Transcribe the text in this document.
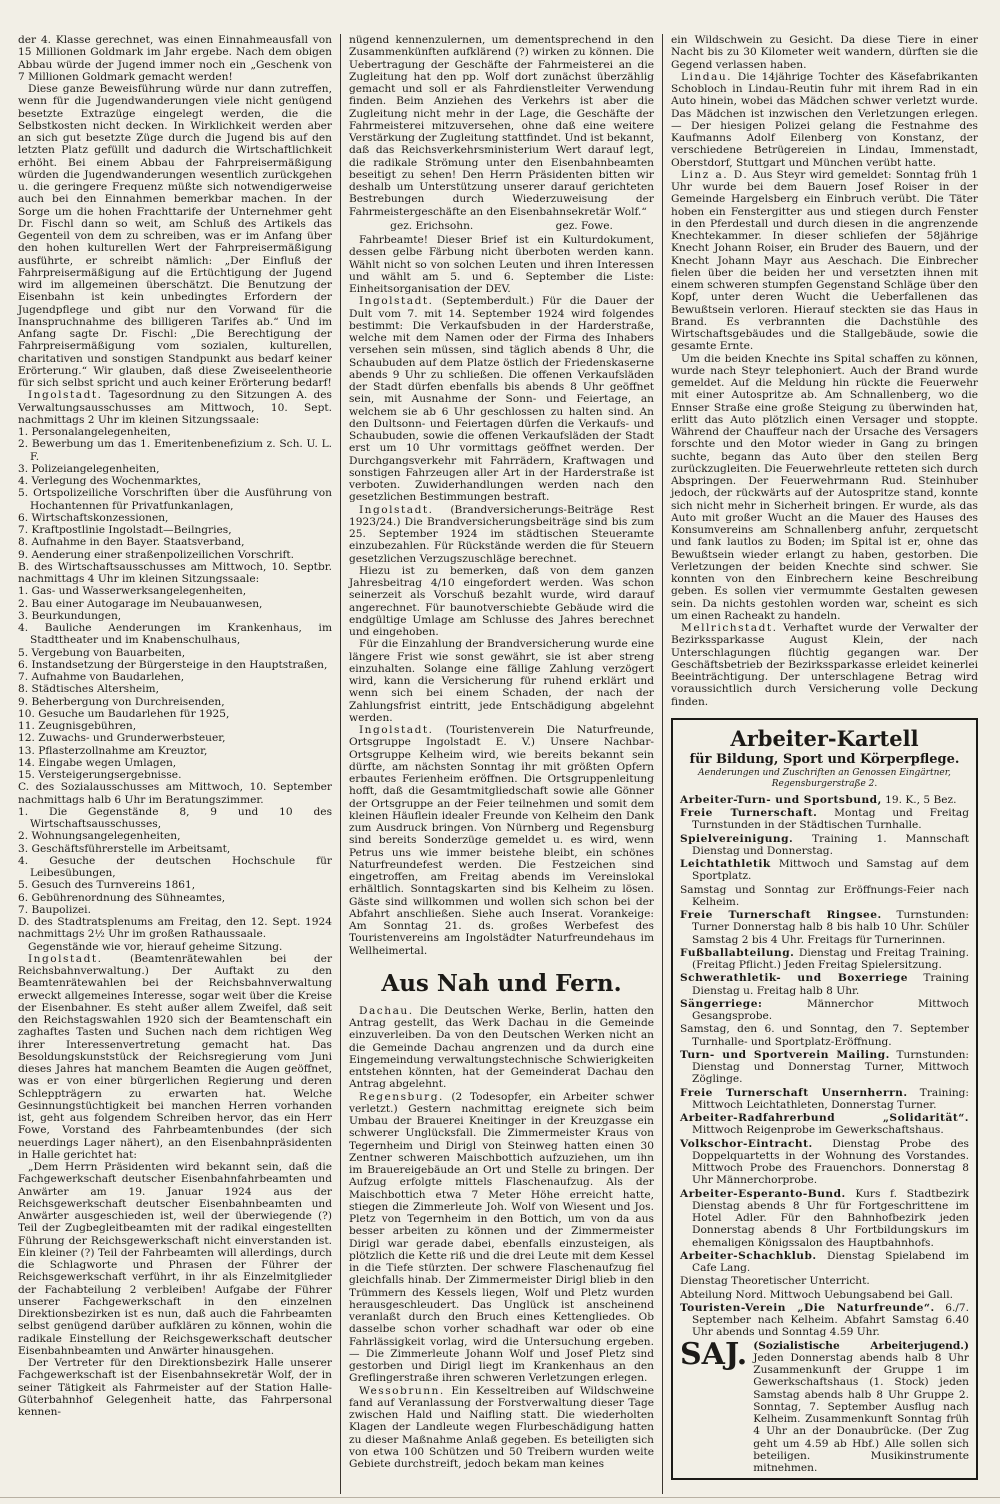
der 4. Klasse gerechnet, was einen Einnahmeausfall von 15 Millionen Goldmark im Jahr ergebe. Nach dem obigen Abbau würde der Jugend immer noch ein „Geschenk von 7 Millionen Goldmark gemacht werden!

Diese ganze Beweisführung würde nur dann zutreffen, wenn für die Jugendwanderungen viele nicht genügend besetzte Extrazüge eingelegt werden, die die Selbstkosten nicht decken. In Wirklichkeit werden aber an sich gut besetzte Züge durch die Jugend bis auf den letzten Platz gefüllt und dadurch die Wirtschaftlichkeit erhöht. Bei einem Abbau der Fahrpreisermäßigung würden die Jugendwanderungen wesentlich zurückgehen u. die geringere Frequenz müßte sich notwendigerweise auch bei den Einnahmen bemerkbar machen. In der Sorge um die hohen Frachttarife der Unternehmer geht Dr. Fischl dann so weit, am Schluß des Artikels das Gegenteil von dem zu schreiben, was er im Anfang über den hohen kulturellen Wert der Fahrpreisermäßigung ausführte, er schreibt nämlich: „Der Einfluß der Fahrpreisermäßigung auf die Ertüchtigung der Jugend wird im allgemeinen überschätzt. Die Benutzung der Eisenbahn ist kein unbedingtes Erfordern der Jugendpflege und gibt nur den Vorwand für die Inanspruchnahme des billigeren Tarifes ab.“ Und im Anfang sagte Dr. Fischl: „Die Berechtigung der Fahrpreisermäßigung vom sozialen, kulturellen, charitativen und sonstigen Standpunkt aus bedarf keiner Erörterung.“ Wir glauben, daß diese Zweiseelentheorie für sich selbst spricht und auch keiner Erörterung bedarf!

Ingolstadt. Tagesordnung zu den Sitzungen A. des Verwaltungsausschusses am Mittwoch, 10. Sept. nachmittags 2 Uhr im kleinen Sitzungssaale:

1. Personalangelegenheiten,
2. Bewerbung um das 1. Emeritenbenefizium z. Sch. U. L. F.
3. Polizeiangelegenheiten,
4. Verlegung des Wochenmarktes,
5. Ortspolizeiliche Vorschriften über die Ausführung von Hochantennen für Privatfunkanlagen,
6. Wirtschaftskonzessionen,
7. Kraftpostlinie Ingolstadt—Beilngries,
8. Aufnahme in den Bayer. Staatsverband,
9. Aenderung einer straßenpolizeilichen Vorschrift.

B. des Wirtschaftsausschusses am Mittwoch, 10. Septbr. nachmittags 4 Uhr im kleinen Sitzungssaale:

1. Gas- und Wasserwerksangelegenheiten,
2. Bau einer Autogarage im Neubauanwesen,
3. Beurkundungen,
4. Bauliche Aenderungen im Krankenhaus, im Stadttheater und im Knabenschulhaus,
5. Vergebung von Bauarbeiten,
6. Instandsetzung der Bürgersteige in den Hauptstraßen,
7. Aufnahme von Baudarlehen,
8. Städtisches Altersheim,
9. Beherbergung von Durchreisenden,
10. Gesuche um Baudarlehen für 1925,
11. Zeugnisgebühren,
12. Zuwachs- und Grunderwerbsteuer,
13. Pflasterzollnahme am Kreuztor,
14. Eingabe wegen Umlagen,
15. Versteigerungsergebnisse.

C. des Sozialausschusses am Mittwoch, 10. September nachmittags halb 6 Uhr im Beratungszimmer.

1. Die Gegenstände 8, 9 und 10 des Wirtschaftsausschusses,
2. Wohnungsangelegenheiten,
3. Geschäftsführerstelle im Arbeitsamt,
4. Gesuche der deutschen Hochschule für Leibesübungen,
5. Gesuch des Turnvereins 1861,
6. Gebührenordnung des Sühneamtes,
7. Baupolizei.

D. des Stadtratsplenums am Freitag, den 12. Sept. 1924 nachmittags 2½ Uhr im großen Rathaussaale.

Gegenstände wie vor, hierauf geheime Sitzung.

Ingolstadt.	(Beamtenrätewahlen bei der Reichsbahnverwaltung.) Der Auftakt zu den Beamtenrätewahlen bei der Reichsbahnverwaltung erweckt allgemeines Interesse, sogar weit über die Kreise der Eisenbahner. Es steht außer allem Zweifel, daß seit den Reichstagswahlen 1920 sich der Beamtenschaft ein zaghaftes Tasten und Suchen nach dem richtigen Weg ihrer Interessenvertretung gemacht hat. Das Besoldungskunststück der Reichsregierung vom Juni dieses Jahres hat manchem Beamten die Augen geöffnet, was er von einer bürgerlichen Regierung und deren Schleppträgern zu erwarten hat. Welche Gesinnungstüchtigkeit bei manchen Herren vorhanden ist, geht aus folgendem Schreiben hervor, das ein Herr Fowe, Vorstand des Fahrbeamtenbundes (der sich neuerdings Lager nähert), an den Eisenbahnpräsidenten in Halle gerichtet hat:

„Dem Herrn Präsidenten wird bekannt sein, daß die Fachgewerkschaft deutscher Eisenbahnfahrbeamten und Anwärter am 19. Januar 1924 aus der Reichsgewerkschaft deutscher Eisenbahnbeamten und Anwärter ausgeschieden ist, weil der überwiegende (?) Teil der Zugbegleitbeamten mit der radikal eingestellten Führung der Reichsgewerkschaft nicht einverstanden ist. Ein kleiner (?) Teil der Fahrbeamten will allerdings, durch die Schlagworte und Phrasen der Führer der Reichsgewerkschaft verführt, in ihr als Einzelmitglieder der Fachabteilung 2 verbleiben! Aufgabe der Führer unserer Fachgewerkschaft in den einzelnen Direktionsbezirken ist es nun, daß auch die Fahrbeamten selbst genügend darüber aufklären zu können, wohin die radikale Einstellung der Reichsgewerkschaft deutscher Eisenbahnbeamten und Anwärter hinausgehen.

Der Vertreter für den Direktionsbezirk Halle unserer Fachgewerkschaft ist der Eisenbahnsekretär Wolf, der in seiner Tätigkeit als Fahrmeister auf der Station Halle-Güterbahnhof Gelegenheit hatte, das Fahrpersonal kennen-

nügend kennenzulernen, um dementsprechend in den Zusammenkünften aufklärend (?) wirken zu können. Die Uebertragung der Geschäfte der Fahrmeisterei an die Zugleitung hat den pp. Wolf dort zunächst überzählig gemacht und soll er als Fahrdienstleiter Verwendung finden. Beim Anziehen des Verkehrs ist aber die Zugleitung nicht mehr in der Lage, die Geschäfte der Fahrmeisterei mitzuversehen, ohne daß eine weitere Verstärkung der Zugleitung stattfindet. Und ist bekannt, daß das Reichsverkehrsministerium Wert darauf legt, die radikale Strömung unter den Eisenbahnbeamten beseitigt zu sehen! Den Herrn Präsidenten bitten wir deshalb um Unterstützung unserer darauf gerichteten Bestrebungen durch Wiederzuweisung der Fahrmeistergeschäfte an den Eisenbahnsekretär Wolf.“

gez. Erichsohn.	gez. Fowe.

Fahrbeamte! Dieser Brief ist ein Kulturdokument, dessen gelbe Färbung nicht überboten werden kann. Wählt nicht so von solchen Leuten und ihren Interessen und wählt am 5. und 6. September die Liste: Einheitsorganisation der DEV.

Ingolstadt. (Septemberdult.) Für die Dauer der Dult vom 7. mit 14. September 1924 wird folgendes bestimmt: Die Verkaufsbuden in der Harderstraße, welche mit dem Namen oder der Firma des Inhabers versehen sein müssen, sind täglich abends 8 Uhr, die Schaubuden auf dem Platze östlich der Friedenskaserne abends 9 Uhr zu schließen. Die offenen Verkaufsläden der Stadt dürfen ebenfalls bis abends 8 Uhr geöffnet sein, mit Ausnahme der Sonn- und Feiertage, an welchem sie ab 6 Uhr geschlossen zu halten sind. An den Dultsonn- und Feiertagen dürfen die Verkaufs- und Schaubuden, sowie die offenen Verkaufsläden der Stadt erst um 10 Uhr vormittags geöffnet werden. Der Durchgangsverkehr mit Fahrrädern, Kraftwagen und sonstigen Fahrzeugen aller Art in der Harderstraße ist verboten. Zuwiderhandlungen werden nach den gesetzlichen Bestimmungen bestraft.

Ingolstadt. (Brandversicherungs-Beiträge Rest 1923/24.) Die Brandversicherungsbeiträge sind bis zum 25. September 1924 im städtischen Steueramte einzubezahlen. Für Rückstände werden die für Steuern gesetzlichen Verzugszuschläge berechnet.

Hiezu ist zu bemerken, daß von dem ganzen Jahresbeitrag 4/10 eingefordert werden. Was schon seinerzeit als Vorschuß bezahlt wurde, wird darauf angerechnet. Für baunotverschiebte Gebäude wird die endgültige Umlage am Schlusse des Jahres berechnet und eingehoben.

Für die Einzahlung der Brandversicherung wurde eine längere Frist wie sonst gewährt, sie ist aber streng einzuhalten. Solange eine fällige Zahlung verzögert wird, kann die Versicherung für ruhend erklärt und wenn sich bei einem Schaden, der nach der Zahlungsfrist eintritt, jede Entschädigung abgelehnt werden.

Ingolstadt. (Touristenverein Die Naturfreunde, Ortsgruppe Ingolstadt E. V.) Unsere Nachbar-Ortsgruppe Kelheim wird, wie bereits bekannt sein dürfte, am nächsten Sonntag ihr mit größten Opfern erbautes Ferienheim eröffnen. Die Ortsgruppenleitung hofft, daß die Gesamtmitgliedschaft sowie alle Gönner der Ortsgruppe an der Feier teilnehmen und somit dem kleinen Häuflein idealer Freunde von Kelheim den Dank zum Ausdruck bringen. Von Nürnberg und Regensburg sind bereits Sonderzüge gemeldet u. es wird, wenn Petrus uns wie immer beistehe bleibt, ein schönes Naturfreundefest werden. Die Festzeichen sind eingetroffen, am Freitag abends im Vereinslokal erhältlich. Sonntagskarten sind bis Kelheim zu lösen. Gäste sind willkommen und wollen sich schon bei der Abfahrt anschließen. Siehe auch Inserat. Vorankeige: Am Sonntag 21. ds. großes Werbefest des Touristenvereins am Ingolstädter Naturfreundehaus im Wellheimertal.

Aus Nah und Fern.

Dachau. Die Deutschen Werke, Berlin, hatten den Antrag gestellt, das Werk Dachau in die Gemeinde einzuverleiben. Da von den Deutschen Werken nicht an die Gemeinde Dachau angrenzen und da durch eine Eingemeindung verwaltungstechnische Schwierigkeiten entstehen könnten, hat der Gemeinderat Dachau den Antrag abgelehnt.

Regensburg. (2 Todesopfer, ein Arbeiter schwer verletzt.) Gestern nachmittag ereignete sich beim Umbau der Brauerei Kneitinger in der Kreuzgasse ein schwerer Unglücksfall. Die Zimmermeister Kraus von Tegernheim und Dirigl von Steinweg hatten einen 30 Zentner schweren Maischbottich aufzuziehen, um ihn im Brauereigebäude an Ort und Stelle zu bringen. Der Aufzug erfolgte mittels Flaschenaufzug. Als der Maischbottich etwa 7 Meter Höhe erreicht hatte, stiegen die Zimmerleute Joh. Wolf von Wiesent und Jos. Pletz von Tegernheim in den Bottich, um von da aus besser arbeiten zu können und der Zimmermeister Dirigl war gerade dabei, ebenfalls einzusteigen, als plötzlich die Kette riß und die drei Leute mit dem Kessel in die Tiefe stürzten. Der schwere Flaschenaufzug fiel gleichfalls hinab. Der Zimmermeister Dirigl blieb in den Trümmern des Kessels liegen, Wolf und Pletz wurden herausgeschleudert. Das Unglück ist anscheinend veranlaßt durch den Bruch eines Kettengliedes. Ob dasselbe schon vorher schadhaft war oder ob eine Fahrlässigkeit vorlag, wird die Untersuchung ergeben. — Die Zimmerleute Johann Wolf und Josef Pletz sind gestorben und Dirigl liegt im Krankenhaus an den Greflingerstraße ihren schweren Verletzungen erlegen.

Wessobrunn. Ein Kesseltreiben auf Wildschweine fand auf Veranlassung der Forstverwaltung dieser Tage zwischen Hald und Naifling statt. Die wiederholten Klagen der Landleute wegen Flurbeschädigung hatten zu dieser Maßnahme Anlaß gegeben. Es beteiligten sich von etwa 100 Schützen und 50 Treibern wurden weite Gebiete durchstreift, jedoch bekam man keines

ein Wildschwein zu Gesicht. Da diese Tiere in einer Nacht bis zu 30 Kilometer weit wandern, dürften sie die Gegend verlassen haben.

Lindau. Die 14jährige Tochter des Käsefabrikanten Schobloch in Lindau-Reutin fuhr mit ihrem Rad in ein Auto hinein, wobei das Mädchen schwer verletzt wurde. Das Mädchen ist inzwischen den Verletzungen erlegen. — Der hiesigen Polizei gelang die Festnahme des Kaufmanns Adolf Eilenberg von Konstanz, der verschiedene Betrügereien in Lindau, Immenstadt, Oberstdorf, Stuttgart und München verübt hatte.

Linz a. D. Aus Steyr wird gemeldet: Sonntag früh 1 Uhr wurde bei dem Bauern Josef Roiser in der Gemeinde Hargelsberg ein Einbruch verübt. Die Täter hoben ein Fenstergitter aus und stiegen durch Fenster in den Pferdestall und durch diesen in die angrenzende Knechtekammer. In dieser schliefen der 58jährige Knecht Johann Roiser, ein Bruder des Bauern, und der Knecht Johann Mayr aus Aeschach. Die Einbrecher fielen über die beiden her und versetzten ihnen mit einem schweren stumpfen Gegenstand Schläge über den Kopf, unter deren Wucht die Ueberfallenen das Bewußtsein verloren. Hierauf steckten sie das Haus in Brand. Es verbrannten die Dachstühle des Wirtschaftsgebäudes und die Stallgebäude, sowie die gesamte Ernte.

Um die beiden Knechte ins Spital schaffen zu können, wurde nach Steyr telephoniert. Auch der Brand wurde gemeldet. Auf die Meldung hin rückte die Feuerwehr mit einer Autospritze ab. Am Schnallenberg, wo die Ennser Straße eine große Steigung zu überwinden hat, erlitt das Auto plötzlich einen Versager und stoppte. Während der Chauffeur nach der Ursache des Versagers forschte und den Motor wieder in Gang zu bringen suchte, begann das Auto über den steilen Berg zurückzugleiten. Die Feuerwehrleute retteten sich durch Abspringen. Der Feuerwehrmann Rud. Steinhuber jedoch, der rückwärts auf der Autospritze stand, konnte sich nicht mehr in Sicherheit bringen. Er wurde, als das Auto mit großer Wucht an die Mauer des Hauses des Konsumvereins am Schnallenberg anfuhr, zerquetscht und fank lautlos zu Boden; im Spital ist er, ohne das Bewußtsein wieder erlangt zu haben, gestorben. Die Verletzungen der beiden Knechte sind schwer. Sie konnten von den Einbrechern keine Beschreibung geben. Es sollen vier vermummte Gestalten gewesen sein. Da nichts gestohlen worden war, scheint es sich um einen Racheakt zu handeln.

Mellrichstadt. Verhaftet wurde der Verwalter der Bezirkssparkasse August Klein, der nach Unterschlagungen flüchtig gegangen war. Der Geschäftsbetrieb der Bezirkssparkasse erleidet keinerlei Beeinträchtigung. Der unterschlagene Betrag wird voraussichtlich durch Versicherung volle Deckung finden.

Arbeiter-Kartell
für Bildung, Sport und Körperpflege.
Aenderungen und Zuschriften an Genossen Eingärtner, Regensburgerstraße 2.
Arbeiter-Turn- und Sportsbund, 19. K., 5 Bez.
Freie Turnerschaft. Montag und Freitag Turnstunden in der Städtischen Turnhalle.
Spielvereinigung. Training 1. Mannschaft Dienstag und Donnerstag.
Leichtathletik Mittwoch und Samstag auf dem Sportplatz.
Samstag und Sonntag zur Eröffnungs-Feier nach Kelheim.
Freie Turnerschaft Ringsee. Turnstunden: Turner Donnerstag halb 8 bis halb 10 Uhr. Schüler Samstag 2 bis 4 Uhr. Freitags für Turnerinnen.
Fußballabteilung. Dienstag und Freitag Training. (Freitag Pflicht.) Jeden Freitag Spielersitzung.
Schwerathletik- und Boxerriege Training Dienstag u. Freitag halb 8 Uhr.
Sängerriege:	Männerchor Mittwoch Gesangsprobe.
Samstag, den 6. und Sonntag, den 7. September Turnhalle- und Sportplatz-Eröffnung.
Turn- und Sportverein Mailing. Turnstunden: Dienstag und Donnerstag Turner, Mittwoch Zöglinge.
Freie Turnerschaft Unsernherrn. Training: Mittwoch Leichtathleten, Donnerstag Turner.
Arbeiter-Radfahrerbund „Solidarität“. Mittwoch Reigenprobe im Gewerkschaftshaus.
Volkschor-Eintracht. Dienstag Probe des Doppelquartetts in der Wohnung des Vorstandes. Mittwoch Probe des Frauenchors. Donnerstag 8 Uhr Männerchorprobe.
Arbeiter-Esperanto-Bund. Kurs f. Stadtbezirk Dienstag abends 8 Uhr für Fortgeschrittene im Hotel Adler. Für den Bahnhofbezirk jeden Donnerstag abends 8 Uhr Fortbildungskurs im ehemaligen Königssalon des Hauptbahnhofs.
Arbeiter-Schachklub. Dienstag Spielabend im Cafe Lang.
Dienstag Theoretischer Unterricht.
Abteilung Nord. Mittwoch Uebungsabend bei Gall.
Touristen-Verein „Die Naturfreunde“. 6./7. September nach Kelheim. Abfahrt Samstag 6.40 Uhr abends und Sonntag 4.59 Uhr.
SAJ. (Sozialistische Arbeiterjugend.) Jeden Donnerstag abends halb 8 Uhr Zusammenkunft der Gruppe 1 im Gewerkschaftshaus (1. Stock) jeden Samstag abends halb 8 Uhr Gruppe 2. Sonntag, 7. September Ausflug nach Kelheim. Zusammenkunft Sonntag früh 4 Uhr an der Donaubrücke. (Der Zug geht um 4.59 ab Hbf.) Alle sollen sich beteiligen. Musikinstrumente mitnehmen.
